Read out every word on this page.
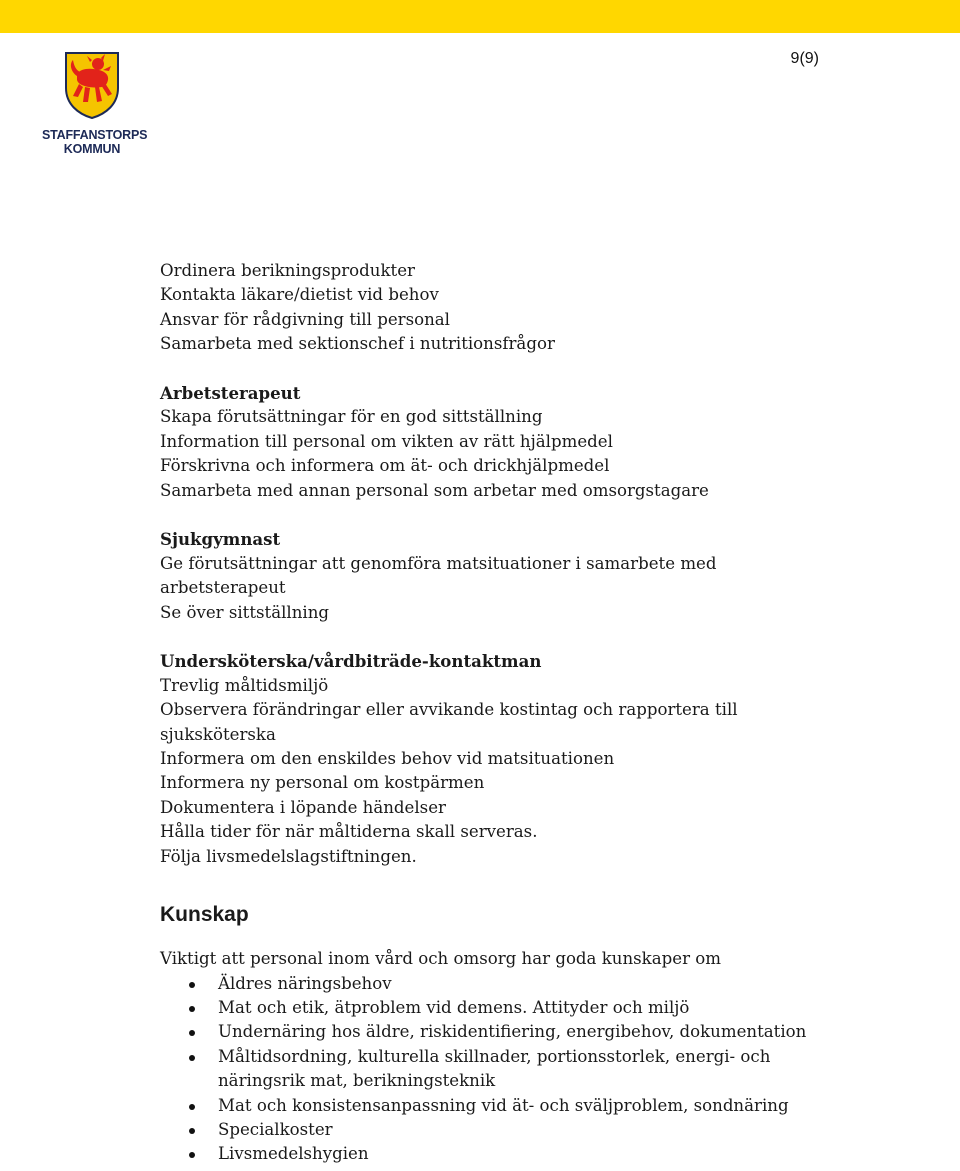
9(9)
STAFFANSTORPS
KOMMUN
Ordinera berikningsprodukter
Kontakta läkare/dietist vid behov
Ansvar för rådgivning till personal
Samarbeta med sektionschef i nutritionsfrågor
Arbetsterapeut
Skapa förutsättningar för en god sittställning
Information till personal om vikten av rätt hjälpmedel
Förskrivna och informera om ät- och drickhjälpmedel
Samarbeta med annan personal som arbetar med omsorgstagare
Sjukgymnast
Ge förutsättningar att genomföra matsituationer i samarbete med
arbetsterapeut
Se över sittställning
Undersköterska/vårdbiträde-kontaktman
Trevlig måltidsmiljö
Observera förändringar eller avvikande kostintag och rapportera till
sjuksköterska
Informera om den enskildes behov vid matsituationen
Informera ny personal om kostpärmen
Dokumentera i löpande händelser
Hålla tider för när måltiderna skall serveras.
Följa livsmedelslagstiftningen.
Kunskap
Viktigt att personal inom vård och omsorg har goda kunskaper om
Äldres näringsbehov
Mat och etik, ätproblem vid demens. Attityder och miljö
Undernäring hos äldre, riskidentifiering, energibehov, dokumentation
Måltidsordning, kulturella skillnader, portionsstorlek, energi- och näringsrik mat, berikningsteknik
Mat och konsistensanpassning vid ät- och sväljproblem, sondnäring
Specialkoster
Livsmedelshygien
